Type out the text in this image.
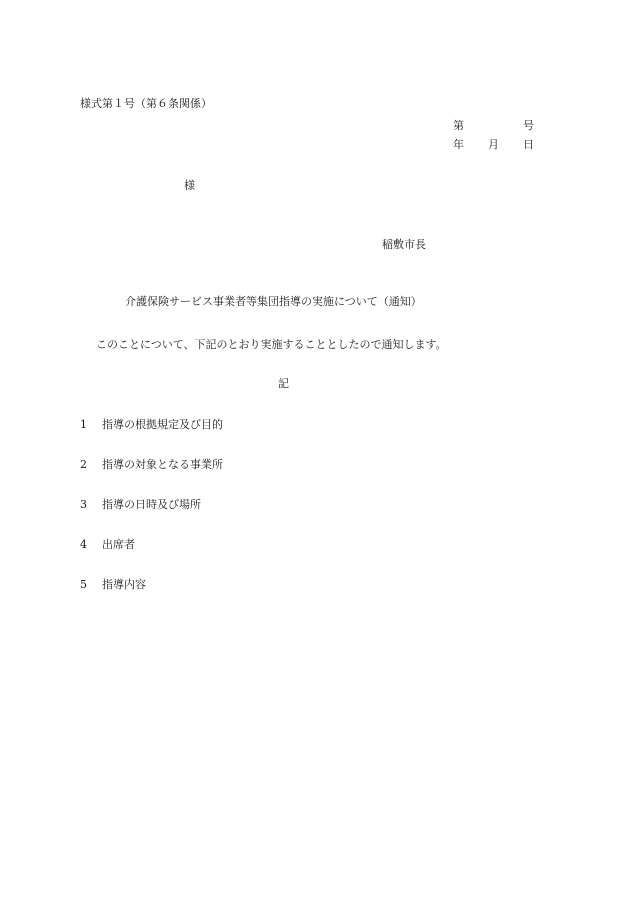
様式第１号（第６条関係）
第	号
年 月 日
様
稲敷市長
介護保険サービス事業者等集団指導の実施について（通知）
このことについて、下記のとおり実施することとしたので通知します。
記
1 指導の根拠規定及び目的
2 指導の対象となる事業所
3 指導の日時及び場所
4 出席者
5 指導内容
